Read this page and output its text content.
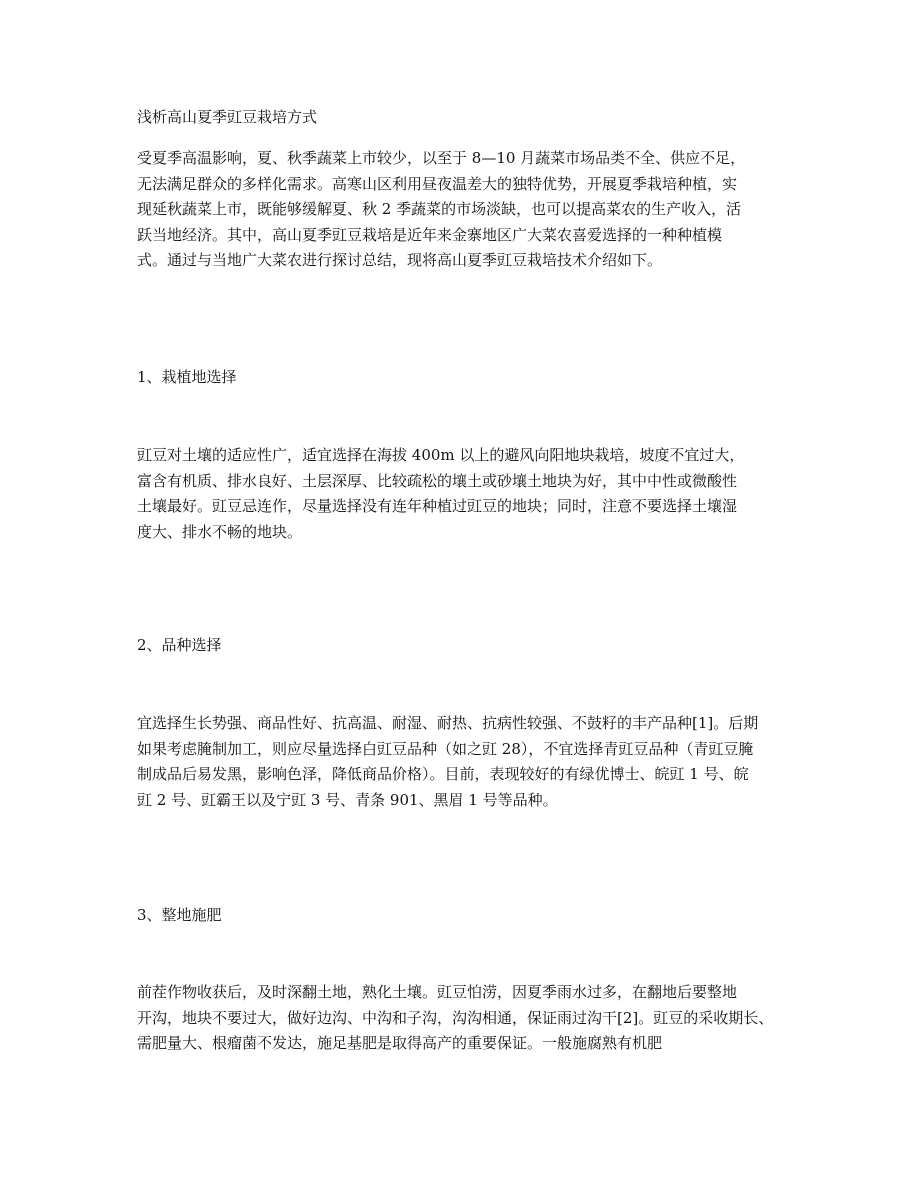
浅析高山夏季豇豆栽培方式

受夏季高温影响，夏、秋季蔬菜上市较少，以至于 8—10 月蔬菜市场品类不全、供应不足，
无法满足群众的多样化需求。高寒山区利用昼夜温差大的独特优势，开展夏季栽培种植，实
现延秋蔬菜上市，既能够缓解夏、秋 2 季蔬菜的市场淡缺，也可以提高菜农的生产收入，活
跃当地经济。其中，高山夏季豇豆栽培是近年来金寨地区广大菜农喜爱选择的一种种植模
式。通过与当地广大菜农进行探讨总结，现将高山夏季豇豆栽培技术介绍如下。

1、栽植地选择

豇豆对土壤的适应性广，适宜选择在海拔 400m 以上的避风向阳地块栽培，坡度不宜过大，
富含有机质、排水良好、土层深厚、比较疏松的壤土或砂壤土地块为好，其中中性或微酸性
土壤最好。豇豆忌连作，尽量选择没有连年种植过豇豆的地块；同时，注意不要选择土壤湿
度大、排水不畅的地块。

2、品种选择

宜选择生长势强、商品性好、抗高温、耐湿、耐热、抗病性较强、不鼓籽的丰产品种[1]。后期
如果考虑腌制加工，则应尽量选择白豇豆品种（如之豇 28），不宜选择青豇豆品种（青豇豆腌
制成品后易发黑，影响色泽，降低商品价格）。目前，表现较好的有绿优博士、皖豇 1 号、皖
豇 2 号、豇霸王以及宁豇 3 号、青条 901、黑眉 1 号等品种。

3、整地施肥

前茬作物收获后，及时深翻土地，熟化土壤。豇豆怕涝，因夏季雨水过多，在翻地后要整地
开沟，地块不要过大，做好边沟、中沟和子沟，沟沟相通，保证雨过沟干[2]。豇豆的采收期长、
需肥量大、根瘤菌不发达，施足基肥是取得高产的重要保证。一般施腐熟有机肥
